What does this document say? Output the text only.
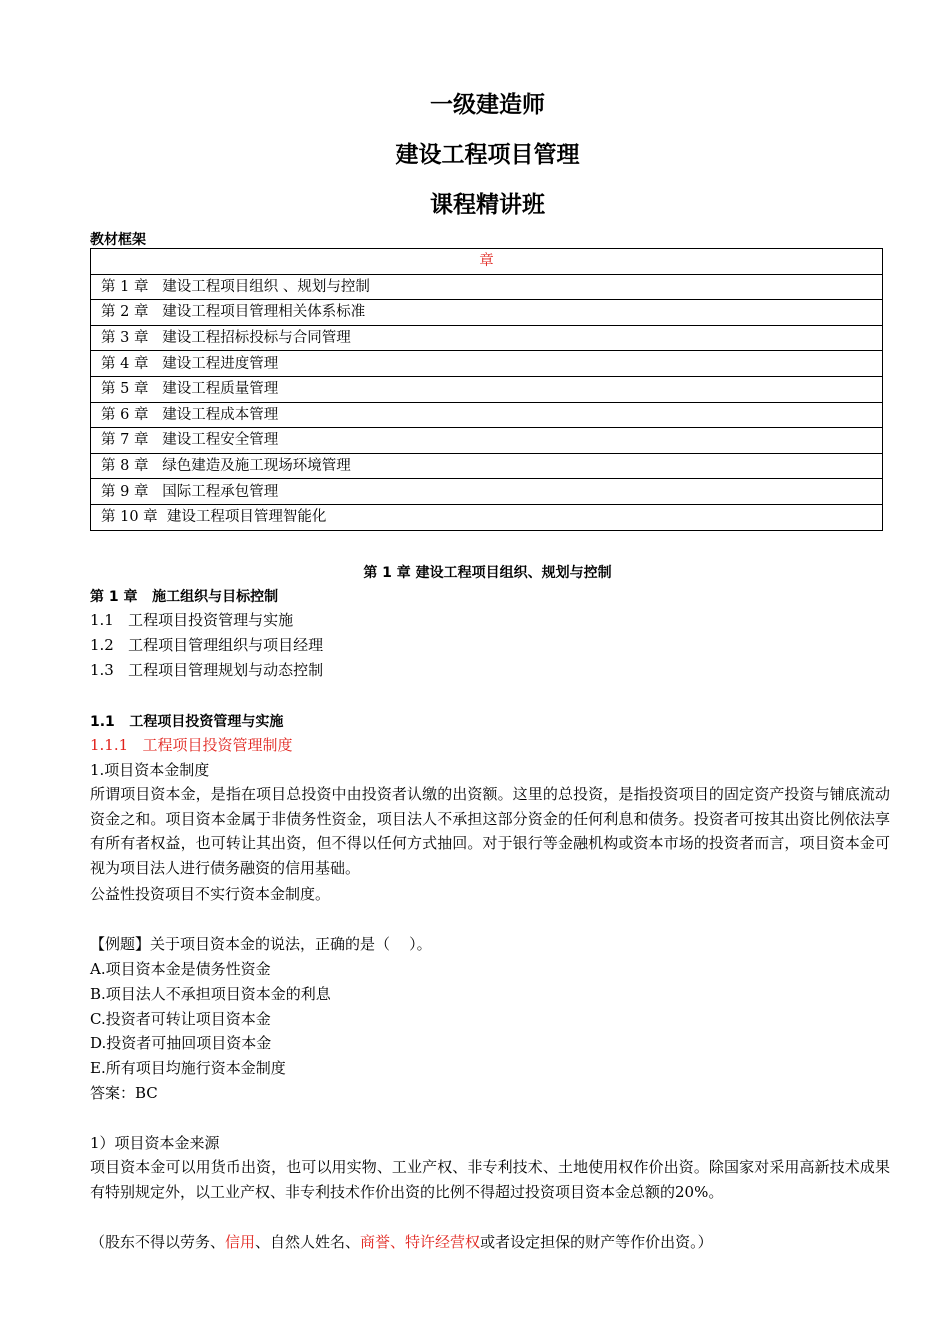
一级建造师
建设工程项目管理
课程精讲班
教材框架
章
第 1 章   建设工程项目组织 、规划与控制
第 2 章   建设工程项目管理相关体系标准
第 3 章   建设工程招标投标与合同管理
第 4 章   建设工程进度管理
第 5 章   建设工程质量管理
第 6 章   建设工程成本管理
第 7 章   建设工程安全管理
第 8 章   绿色建造及施工现场环境管理
第 9 章   国际工程承包管理
第 10 章  建设工程项目管理智能化
第 1 章 建设工程项目组织、规划与控制
第 1 章   施工组织与目标控制
1.1   工程项目投资管理与实施
1.2   工程项目管理组织与项目经理
1.3   工程项目管理规划与动态控制
1.1   工程项目投资管理与实施
1.1.1   工程项目投资管理制度
1.项目资本金制度
所谓项目资本金，是指在项目总投资中由投资者认缴的出资额。这里的总投资，是指投资项目的固定资产投资与铺底流动资金之和。项目资本金属于非债务性资金，项目法人不承担这部分资金的任何利息和债务。投资者可按其出资比例依法享有所有者权益，也可转让其出资，但不得以任何方式抽回。对于银行等金融机构或资本市场的投资者而言，项目资本金可视为项目法人进行债务融资的信用基础。
公益性投资项目不实行资本金制度。
【例题】关于项目资本金的说法，正确的是（    ）。
A.项目资本金是债务性资金
B.项目法人不承担项目资本金的利息
C.投资者可转让项目资本金
D.投资者可抽回项目资本金
E.所有项目均施行资本金制度
答案：BC
1）项目资本金来源
项目资本金可以用货币出资，也可以用实物、工业产权、非专利技术、土地使用权作价出资。除国家对采用高新技术成果有特别规定外，以工业产权、非专利技术作价出资的比例不得超过投资项目资本金总额的20%。
（股东不得以劳务、信用、自然人姓名、商誉、特许经营权或者设定担保的财产等作价出资。）
